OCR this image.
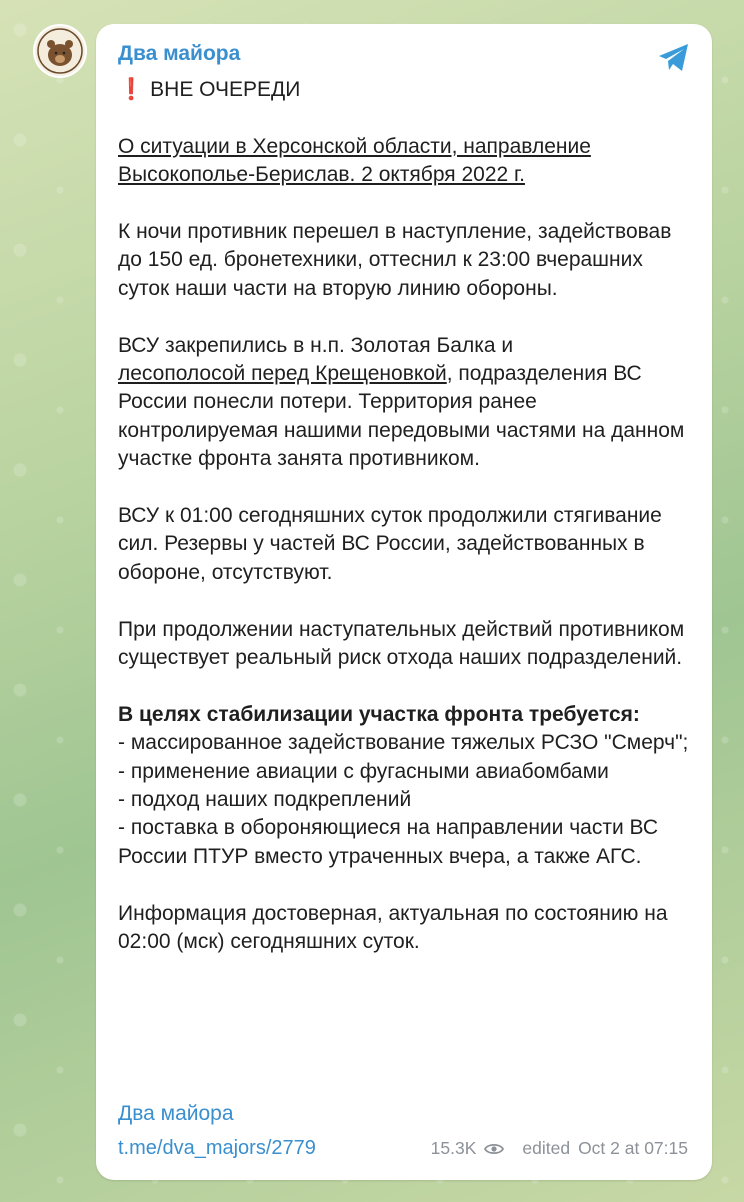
Два майора

❗️ ВНЕ ОЧЕРЕДИ

О ситуации в Херсонской области, направление
Высокополье-Берислав. 2 октября 2022 г.

К ночи противник перешел в наступление, задействовав до 150 ед. бронетехники, оттеснил к 23:00 вчерашних суток наши части на вторую линию обороны.

ВСУ закрепились в н.п. Золотая Балка и
лесополосой перед Крещеновкой, подразделения ВС России понесли потери. Территория ранее контролируемая нашими передовыми частями на данном участке фронта занята противником.

ВСУ к 01:00 сегодняшних суток продолжили стягивание сил. Резервы у частей ВС России, задействованных в обороне, отсутствуют.

При продолжении наступательных действий противником существует реальный риск отхода наших подразделений.

В целях стабилизации участка фронта требуется:
- массированное задействование тяжелых РСЗО "Смерч";
- применение авиации с фугасными авиабомбами
- подход наших подкреплений
- поставка в обороняющиеся на направлении части ВС России ПТУР вместо утраченных вчера, а также АГС.

Информация достоверная, актуальная по состоянию на 02:00 (мск) сегодняшних суток.

Два майора
t.me/dva_majors/2779	15.3K	edited Oct 2 at 07:15
